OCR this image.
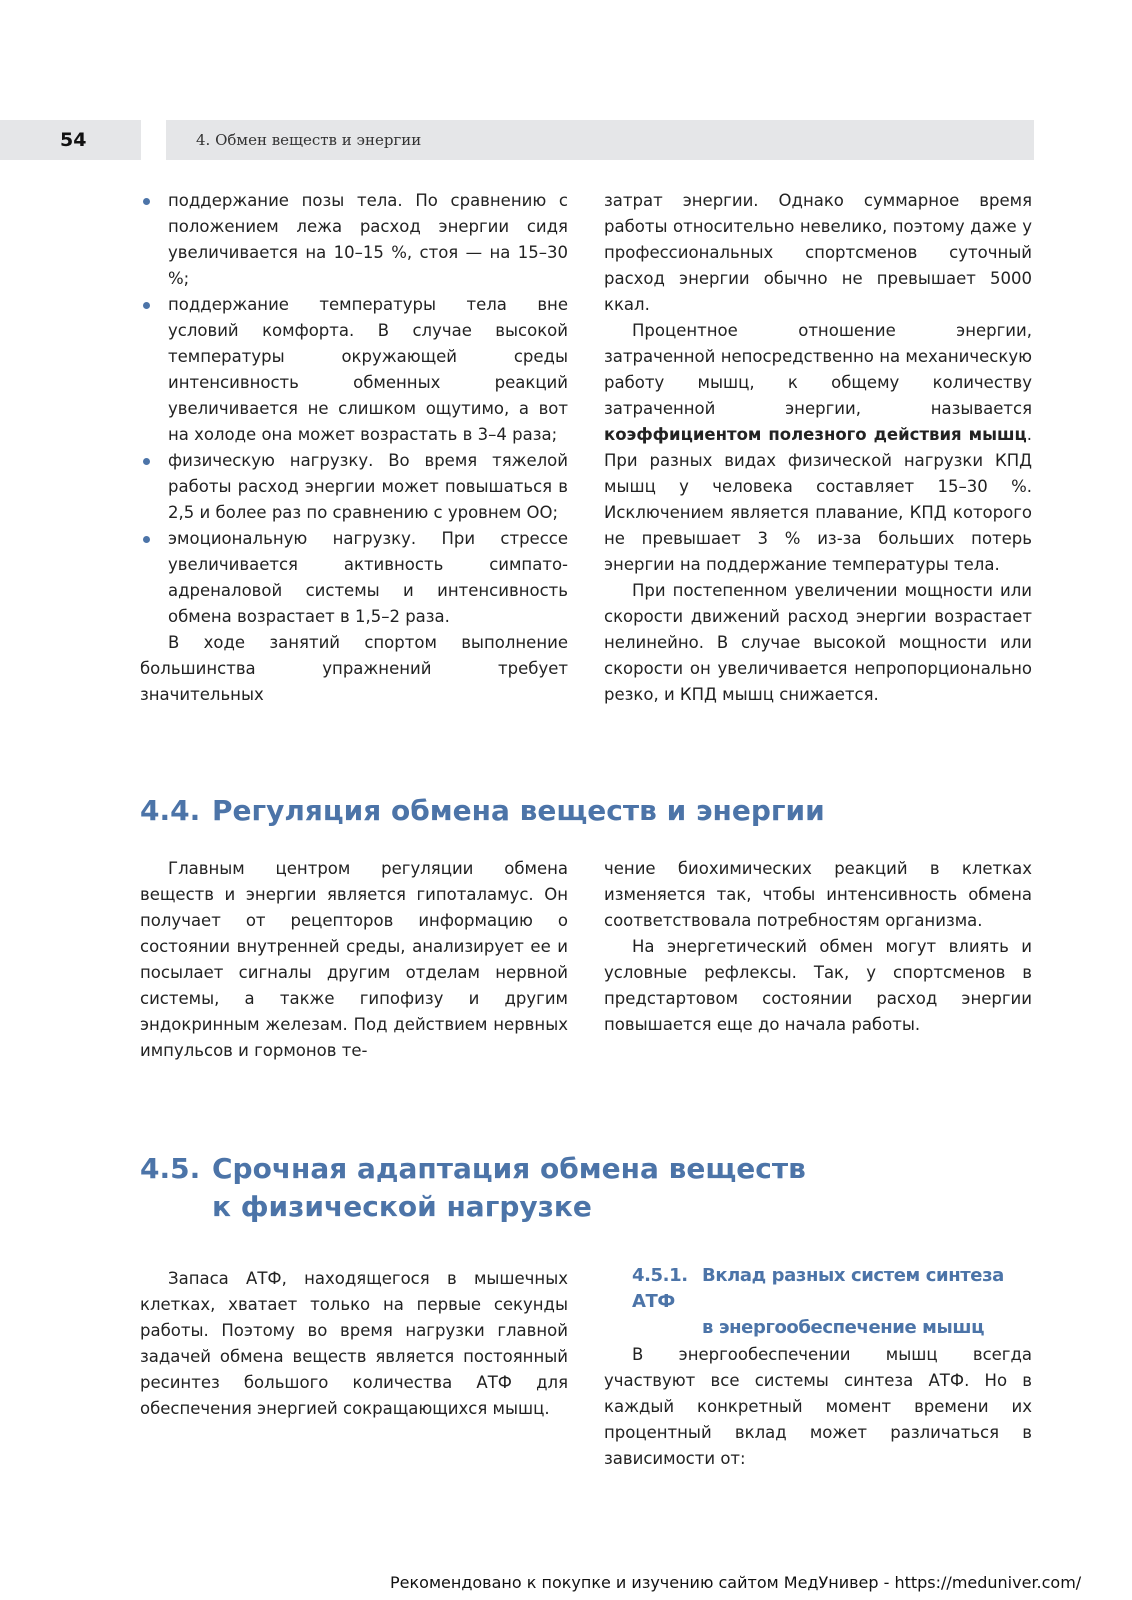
54	4. Обмен веществ и энергии
поддержание позы тела. По сравнению с положением лежа расход энергии сидя увеличивается на 10–15 %, стоя — на 15–30 %;
поддержание температуры тела вне условий комфорта. В случае высокой температуры окружающей среды интенсивность обменных реакций увеличивается не слишком ощутимо, а вот на холоде она может возрастать в 3–4 раза;
физическую нагрузку. Во время тяжелой работы расход энергии может повышаться в 2,5 и более раз по сравнению с уровнем ОО;
эмоциональную нагрузку. При стрессе увеличивается активность симпато-адреналовой системы и интенсивность обмена возрастает в 1,5–2 раза.

В ходе занятий спортом выполнение большинства упражнений требует значительных

затрат энергии. Однако суммарное время работы относительно невелико, поэтому даже у профессиональных спортсменов суточный расход энергии обычно не превышает 5000 ккал.

Процентное отношение энергии, затраченной непосредственно на механическую работу мышц, к общему количеству затраченной энергии, называется коэффициентом полезного действия мышц. При разных видах физической нагрузки КПД мышц у человека составляет 15–30 %. Исключением является плавание, КПД которого не превышает 3 % из-за больших потерь энергии на поддержание температуры тела.

При постепенном увеличении мощности или скорости движений расход энергии возрастает нелинейно. В случае высокой мощности или скорости он увеличивается непропорционально резко, и КПД мышц снижается.

4.4. Регуляция обмена веществ и энергии

Главным центром регуляции обмена веществ и энергии является гипоталамус. Он получает от рецепторов информацию о состоянии внутренней среды, анализирует ее и посылает сигналы другим отделам нервной системы, а также гипофизу и другим эндокринным железам. Под действием нервных импульсов и гормонов те-

чение биохимических реакций в клетках изменяется так, чтобы интенсивность обмена соответствовала потребностям организма.

На энергетический обмен могут влиять и условные рефлексы. Так, у спортсменов в предстартовом состоянии расход энергии повышается еще до начала работы.

4.5. Срочная адаптация обмена веществ
к физической нагрузке

Запаса АТФ, находящегося в мышечных клетках, хватает только на первые секунды работы. Поэтому во время нагрузки главной задачей обмена веществ является постоянный ресинтез большого количества АТФ для обеспечения энергией сокращающихся мышц.

4.5.1. Вклад разных систем синтеза АТФ
в энергообеспечение мышц

В энергообеспечении мышц всегда участвуют все системы синтеза АТФ. Но в каждый конкретный момент времени их процентный вклад может различаться в зависимости от:

Рекомендовано к покупке и изучению сайтом МедУнивер - https://meduniver.com/
